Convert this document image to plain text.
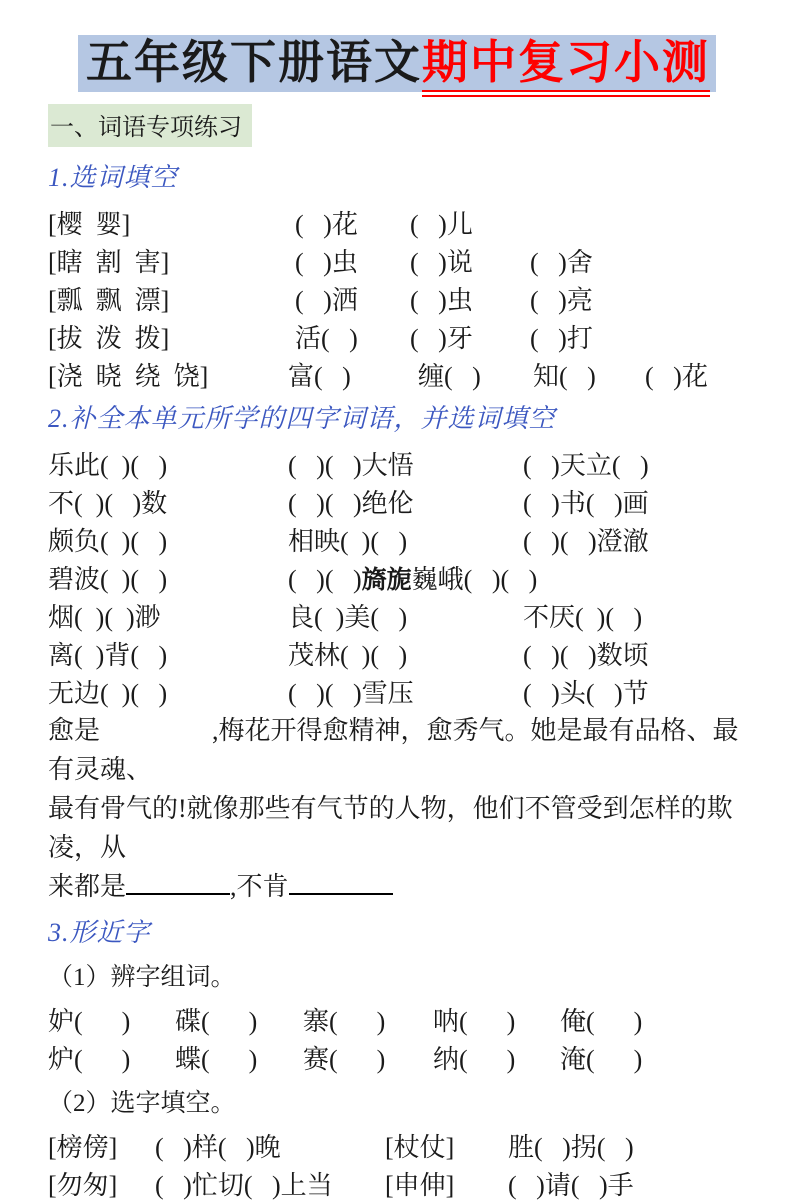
五年级下册语文期中复习小测
一、词语专项练习
1.选词填空
[樱  婴]	(   )花 (   )儿
[瞎  割  害]	(   )虫 (   )说 (   )舍
[瓢  飘  漂]	(   )洒 (   )虫 (   )亮
[拔  泼  拨]	活(   ) (   )牙 (   )打
[浇  晓  绕  饶]	富(   )	缠(   ) 知(   ) (   )花
2.补全本单元所学的四字词语，并选词填空
乐此(  )(   )	(   )(   )大悟	(   )天立(   )
不(  )(   )数	(   )(   )绝伦	(   )书(   )画
颇负(  )(   )	相映(  )(   )	(   )(   )澄澈
碧波(  )(   )	(   )(   )旖旎巍峨(   )(   )
烟(  )(  )渺	良(  )美(   )	不厌(  )(   )
离(  )背(   )	茂林(  )(   )	(   )(   )数顷
无边(  )(   )	(   )(   )雪压	(   )头(   )节
愈是	,梅花开得愈精神，愈秀气。她是最有品格、最有灵魂、
最有骨气的!就像那些有气节的人物，他们不管受到怎样的欺凌，从
来都是	,不肯
3.形近字
（1）辨字组词。
妒(      ) 碟(      ) 寨(      ) 呐(      ) 俺(      )
炉(      ) 蝶(      ) 赛(      ) 纳(      ) 淹(      )
（2）选字填空。
[榜傍] (   )样(   )晚	[杖仗] 胜(   )拐(   )
[勿匆] (   )忙切(   )上当 [申伸] (   )请(   )手
